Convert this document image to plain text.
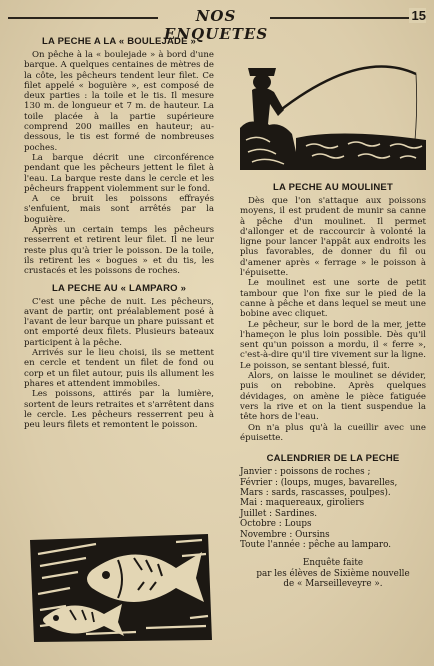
NOS ENQUETES
15
LA PECHE A LA « BOULEJADE »

On pêche à la « boulejade » à bord d'une barque. A quelques centaines de mètres de la côte, les pêcheurs tendent leur filet. Ce filet appelé « boguière », est composé de deux parties : la toile et le tis. Il mesure 130 m. de longueur et 7 m. de hauteur. La toile placée à la partie supérieure comprend 200 mailles en hauteur; au-dessous, le tis est formé de nombreuses poches.

La barque décrit une circonférence pendant que les pêcheurs jettent le filet à l'eau. La barque reste dans le cercle et les pêcheurs frappent violemment sur le fond.

A ce bruit les poissons effrayés s'enfuient, mais sont arrêtés par la boguière.

Après un certain temps les pêcheurs resserrent et retirent leur filet. Il ne leur reste plus qu'à trier le poisson. De la toile, ils retirent les « bogues » et du tis, les crustacés et les poissons de roches.

LA PECHE AU « LAMPARO »

C'est une pêche de nuit. Les pêcheurs, avant de partir, ont préalablement posé à l'avant de leur barque un phare puissant et ont emporté deux filets. Plusieurs bateaux participent à la pêche.

Arrivés sur le lieu choisi, ils se mettent en cercle et tendent un filet de fond ou corp et un filet autour, puis ils allument les phares et attendent immobiles.

Les poissons, attirés par la lumière, sortent de leurs retraites et s'arrêtent dans le cercle. Les pêcheurs resserrent peu à peu leurs filets et remontent le poisson.

LA PECHE AU MOULINET

Dès que l'on s'attaque aux poissons moyens, il est prudent de munir sa canne à pêche d'un moulinet. Il permet d'allonger et de raccourcir à volonté la ligne pour lancer l'appât aux endroits les plus favorables, de donner du fil ou d'amener après « ferrage » le poisson à l'épuisette.

Le moulinet est une sorte de petit tambour que l'on fixe sur le pied de la canne à pêche et dans lequel se meut une bobine avec cliquet.

Le pêcheur, sur le bord de la mer, jette l'hameçon le plus loin possible. Dès qu'il sent qu'un poisson a mordu, il « ferre », c'est-à-dire qu'il tire vivement sur la ligne. Le poisson, se sentant blessé, fuit.

Alors, on laisse le moulinet se dévider, puis on rebobine. Après quelques dévidages, on amène le pièce fatiguée vers la rive et on la tient suspendue la tête hors de l'eau.

On n'a plus qu'à la cueillir avec une épuisette.

CALENDRIER DE LA PECHE
Janvier : poissons de roches ;
Février : (loups, muges, bavarelles,
Mars : sards, rascasses, poulpes).
Mai : maquereaux, giroliers
Juillet : Sardines.
Octobre : Loups
Novembre : Oursins
Toute l'année : pêche au lamparo.
Enquête faite
par les élèves de Sixième nouvelle
de « Marseilleveyre ».
